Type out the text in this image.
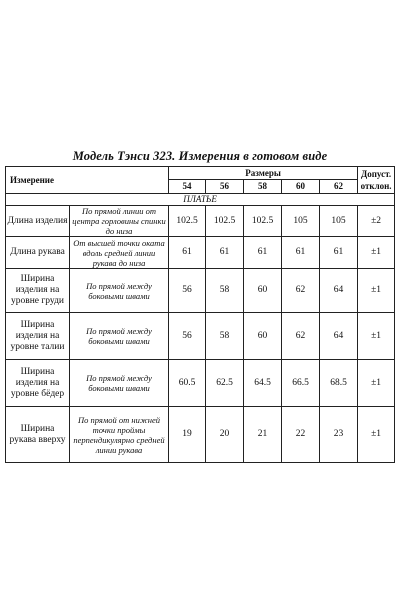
Модель Тэнси 323. Измерения в готовом виде
Измерение		Размеры					Допуст. отклон.
		54	56	58	60	62	
ПЛАТЬЕ							
Длина изделия	По прямой линии от центра горловины спинки до низа	102.5	102.5	102.5	105	105	±2
Длина рукава	От высшей точки оката вдоль средней линии рукава до низа	61	61	61	61	61	±1
Ширина изделия на уровне груди	По прямой между боковыми швами	56	58	60	62	64	±1
Ширина изделия на уровне талии	По прямой между боковыми швами	56	58	60	62	64	±1
Ширина изделия на уровне бёдер	По прямой между боковыми швами	60.5	62.5	64.5	66.5	68.5	±1
Ширина рукава вверху	По прямой от нижней точки проймы перпендикулярно средней линии рукава	19	20	21	22	23	±1
